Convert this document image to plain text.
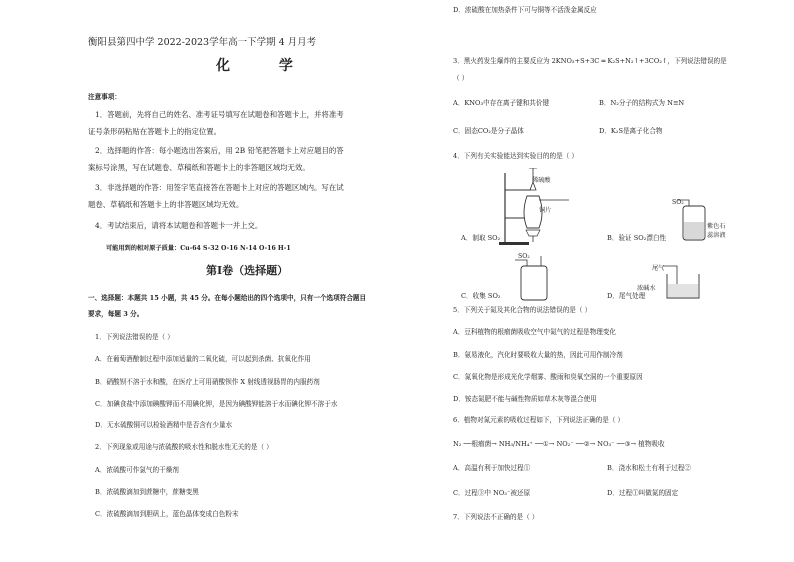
衡阳县第四中学 2022-2023学年高一下学期 4 月月考
化 学
注意事项：
1．答题前，先将自己的姓名、准考证号填写在试题卷和答题卡上，并将准考
证号条形码粘贴在答题卡上的指定位置。
2．选择题的作答：每小题选出答案后，用 2B 铅笔把答题卡上对应题目的答
案标号涂黑，写在试题卷、草稿纸和答题卡上的非答题区域均无效。
3．非选择题的作答：用签字笔直接答在答题卡上对应的答题区域内。写在试
题卷、草稿纸和答题卡上的非答题区域均无效。
4．考试结束后，请将本试题卷和答题卡一并上交。
可能用到的相对原子质量：Cu-64 S-32 O-16 N-14 O-16 H-1
第Ⅰ卷（选择题）
一、选择题：本题共 15 小题，共 45 分。在每小题给出的四个选项中，只有一个选项符合题目
要求，每题 3 分。
1．下列说法错误的是（ ）
A．在葡萄酒酿制过程中添加适量的二氧化硫，可以起到杀菌、抗氧化作用
B．硝酸钡不溶于水和酸，在医疗上可用硝酸钡作 X 射线透视肠胃的内服药剂
C．加碘食盐中添加碘酸钾而不用碘化钾，是因为碘酸钾能溶于水而碘化钾不溶于水
D．无水硫酸铜可以检验酒精中是否含有少量水
2．下列现象或用途与浓硫酸的吸水性和脱水性无关的是（ ）
A．浓硫酸可作氯气的干燥剂
B．浓硫酸滴加到蔗糖中，蔗糖变黑
C．浓硫酸滴加到胆矾上，蓝色晶体变成白色粉末
D．浓硫酸在加热条件下可与铜等不活泼金属反应
3．黑火药发生爆炸的主要反应为 2KNO₃+S+3C ═ K₂S+N₂↑+3CO₂↑，下列说法错误的是
（ ）
A．KNO₃中存在离子键和共价键	B．N₂分子的结构式为 N≡N
C．固态CO₂是分子晶体	D．K₂S是离子化合物
4．下列有关实验能达到实验目的的是（ ）
稀硫酸
铜片
A．制取 SO₂
SO₂
紫色石
蕊溶液
B．验证 SO₂漂白性
SO₂
C．收集 SO₂
尾气
浓碱水
D．尾气处理
5．下列关于氮及其化合物的说法错误的是（ ）
A．豆科植物的根瘤菌吸收空气中氮气的过程是物理变化
B．氨易液化，汽化时要吸收大量的热，因此可用作制冷剂
C．氮氧化物是形成光化学烟雾、酸雨和臭氧空洞的一个重要原因
D．铵态氮肥不能与碱性物质如草木灰等混合使用
6．植物对氮元素的吸收过程如下，下列说法正确的是（ ）
N₂ ──根瘤菌→ NH₃/NH₄⁺ ──①→ NO₂⁻ ──②→ NO₃⁻ ──③→ 植物吸收
A．高温有利于加快过程①	B．浇水和松土有利于过程②
C．过程③中 NO₃⁻被还原	D．过程①叫做氮的固定
7．下列说法不正确的是（ ）
